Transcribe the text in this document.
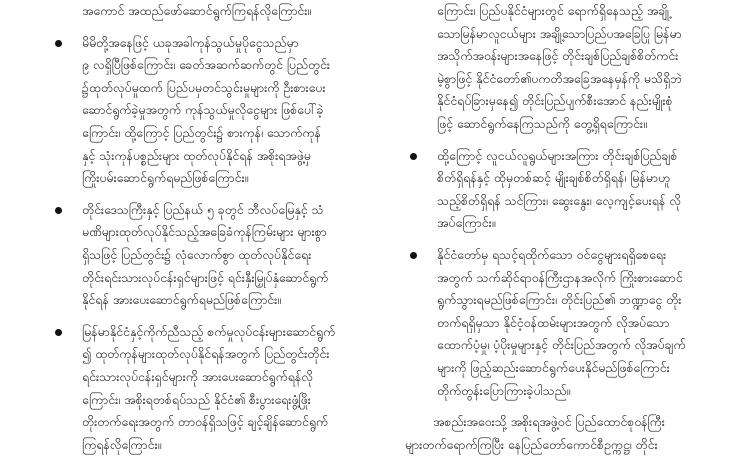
အကောင် အထည်ဖော်ဆောင်ရွက်ကြရန်လိုကြောင်း။
မိမိတို့အနေဖြင့် ယခုအခါကုန်သွယ်မှုပိုငွေသည်မှာ
၉ လရှိပြီဖြစ်ကြောင်း၊ ခေတ်အဆက်ဆက်တွင် ပြည်တွင်း
၌ထုတ်လုပ်မှုထက် ပြည်ပမှတင်သွင်းမှုများကို ဦးစားပေး
ဆောင်ရွက်ခဲ့မှုအတွက် ကုန်သွယ်မှုလိုငွေများ ဖြစ်ပေါ်ခဲ့
ကြောင်း၊ ထို့ကြောင့် ပြည်တွင်း၌ စားကုန်၊ သောက်ကုန်
နှင့် သုံးကုန်ပစ္စည်းများ ထုတ်လုပ်နိုင်ရန် အစိုးရအဖွဲ့မှ
ကြိုးပမ်းဆောင်ရွက်ရမည်ဖြစ်ကြောင်း။
တိုင်းဒေသကြီးနှင့် ပြည်နယ် ၅ ခုတွင် ဘီလပ်မြေနှင့် သံ
မဏိများထုတ်လုပ်နိုင်သည့်အခြေခံကုန်ကြမ်းများ များစွာ
ရှိသဖြင့် ပြည်တွင်း၌ လုံလောက်စွာ ထုတ်လုပ်နိုင်ရေး
တိုင်းရင်းသားလုပ်ငန်းရှင်များဖြင့် ရင်းနှီးမြှုပ်နှံဆောင်ရွက်
နိုင်ရန် အားပေးဆောင်ရွက်ရမည်ဖြစ်ကြောင်း။
မြန်မာနိုင်ငံနှင့်ကိုက်ညီသည့် စက်မှုလုပ်ငန်းများဆောင်ရွက်
၍ ထုတ်ကုန်များထုတ်လုပ်နိုင်ရန်အတွက် ပြည်တွင်းတိုင်း
ရင်းသားလုပ်ငန်းရှင်များကို အားပေးဆောင်ရွက်ရန်လို
ကြောင်း၊ အစိုးရတစ်ရပ်သည် နိုင်ငံ၏ စီးပွားရေးဖွံ့ဖြိုး
တိုးတက်ရေးအတွက် တာဝန်ရှိသဖြင့် ချင့်ချိန်ဆောင်ရွက်
ကြရန်လိုကြောင်း။
ကြောင်း၊ ပြည်ပနိုင်ငံများတွင် ရောက်ရှိနေသည့် အချို့
သောမြန်မာလူငယ်များ အချို့သောပြည်ပအခြေပြု မြန်မာ
အသိုက်အဝန်းများအနေဖြင့် တိုင်းချစ်ပြည်ချစ်စိတ်ကင်း
မဲ့စွာဖြင့် နိုင်ငံတော်၏ပကတိအခြေအနေမှန်ကို မသိရှိဘဲ
နိုင်ငံရပ်ခြားမှနေ၍ တိုင်းပြည်ပျက်စီးအောင် နည်းမျိုးစုံ
ဖြင့် ဆောင်ရွက်နေကြသည်ကို တွေ့ရှိရကြောင်း။
ထို့ကြောင့် လူငယ်လူရွယ်များအကြား တိုင်းချစ်ပြည်ချစ်
စိတ်ရှိရန်နှင့် ထိုမှတစ်ဆင့် မျိုးချစ်စိတ်ရှိရန်၊ မြန်မာဟူ
သည့်စိတ်ရှိရန် သင်ကြား၊ ဆွေးနွေး၊ လေ့ကျင့်ပေးရန် လို
အပ်ကြောင်း။
နိုင်ငံတော်မှ ရသင့်ရထိုက်သော ဝင်ငွေများရရှိစေရေး
အတွက် သက်ဆိုင်ရာဝန်ကြီးဌာနအလိုက် ကြိုးစားဆောင်
ရွက်သွားရမည်ဖြစ်ကြောင်း၊ တိုင်းပြည်၏ ဘဏ္ဍာငွေ တိုး
တက်ရရှိမှသာ နိုင်ငံ့ဝန်ထမ်းများအတွက် လိုအပ်သော
ထောက်ပံ့မှု၊ ပံ့ပိုးမှုများနှင့် တိုင်းပြည်အတွက် လိုအပ်ချက်
များကို ဖြည့်ဆည်းဆောင်ရွက်ပေးနိုင်မည်ဖြစ်ကြောင်း
တိုက်တွန်းပြောကြားခဲ့ပါသည်။
အစည်းအဝေးသို့ အစိုးရအဖွဲ့ဝင် ပြည်ထောင်စုဝန်ကြီး
များတက်ရောက်ကြပြီး နေပြည်တော်ကောင်စီဥက္ကဋ္ဌ၊ တိုင်း
